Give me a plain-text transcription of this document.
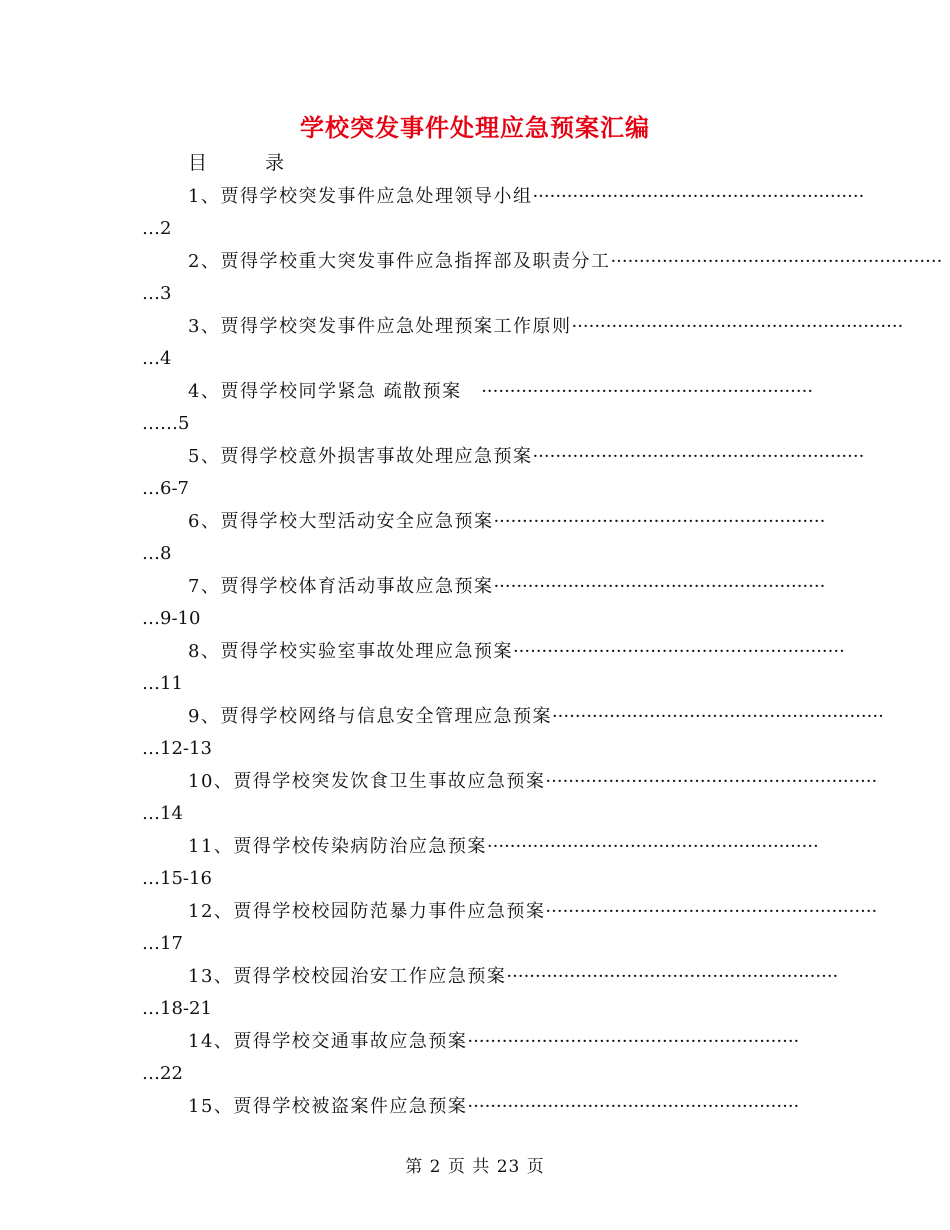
学校突发事件处理应急预案汇编
目	录
1、贾得学校突发事件应急处理领导小组 ··························································
…2
2、贾得学校重大突发事件应急指挥部及职责分工 ··························································
…3
3、贾得学校突发事件应急处理预案工作原则 ··························································
…4
4、贾得学校同学紧急 疏散预案　 ··························································
……5
5、贾得学校意外损害事故处理应急预案 ··························································
…6-7
6、贾得学校大型活动安全应急预案 ··························································
…8
7、贾得学校体育活动事故应急预案 ··························································
…9-10
8、贾得学校实验室事故处理应急预案 ··························································
…11
9、贾得学校网络与信息安全管理应急预案 ··························································
…12-13
10、贾得学校突发饮食卫生事故应急预案 ··························································
…14
11、贾得学校传染病防治应急预案 ··························································
…15-16
12、贾得学校校园防范暴力事件应急预案 ··························································
…17
13、贾得学校校园治安工作应急预案 ··························································
…18-21
14、贾得学校交通事故应急预案 ··························································
…22
15、贾得学校被盗案件应急预案 ··························································
第 2 页 共 23 页
